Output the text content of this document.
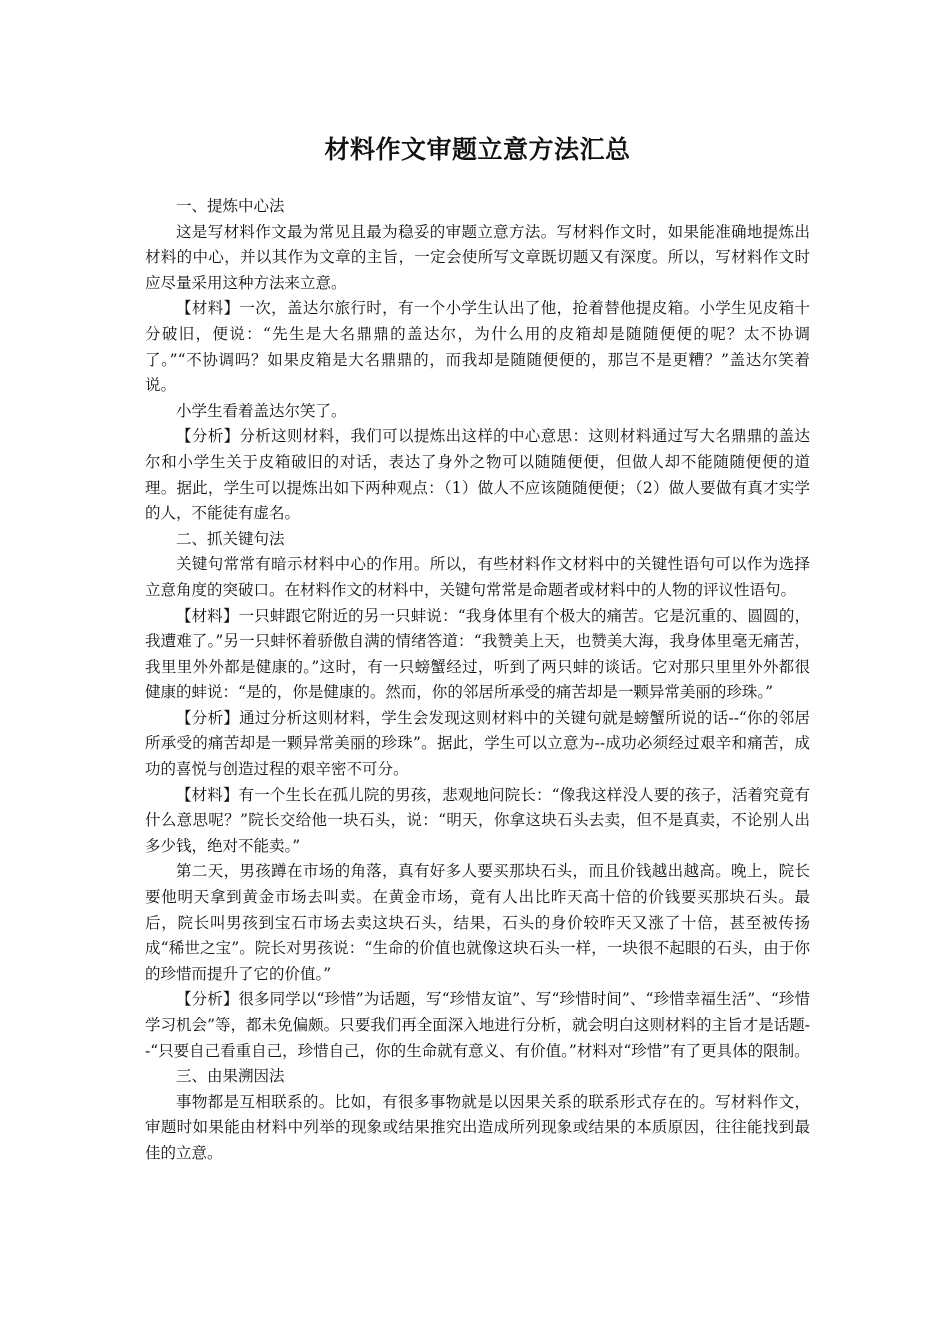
材料作文审题立意方法汇总

一、提炼中心法

这是写材料作文最为常见且最为稳妥的审题立意方法。写材料作文时，如果能准确地提炼出材料的中心，并以其作为文章的主旨，一定会使所写文章既切题又有深度。所以，写材料作文时应尽量采用这种方法来立意。

【材料】一次，盖达尔旅行时，有一个小学生认出了他，抢着替他提皮箱。小学生见皮箱十分破旧，便说：“先生是大名鼎鼎的盖达尔，为什么用的皮箱却是随随便便的呢？太不协调了。”“不协调吗？如果皮箱是大名鼎鼎的，而我却是随随便便的，那岂不是更糟？”盖达尔笑着说。

小学生看着盖达尔笑了。

【分析】分析这则材料，我们可以提炼出这样的中心意思：这则材料通过写大名鼎鼎的盖达尔和小学生关于皮箱破旧的对话，表达了身外之物可以随随便便，但做人却不能随随便便的道理。据此，学生可以提炼出如下两种观点：（1）做人不应该随随便便；（2）做人要做有真才实学的人，不能徒有虚名。

二、抓关键句法

关键句常常有暗示材料中心的作用。所以，有些材料作文材料中的关键性语句可以作为选择立意角度的突破口。在材料作文的材料中，关键句常常是命题者或材料中的人物的评议性语句。

【材料】一只蚌跟它附近的另一只蚌说：“我身体里有个极大的痛苦。它是沉重的、圆圆的，我遭难了。”另一只蚌怀着骄傲自满的情绪答道：“我赞美上天，也赞美大海，我身体里毫无痛苦，我里里外外都是健康的。”这时，有一只螃蟹经过，听到了两只蚌的谈话。它对那只里里外外都很健康的蚌说：“是的，你是健康的。然而，你的邻居所承受的痛苦却是一颗异常美丽的珍珠。”

【分析】通过分析这则材料，学生会发现这则材料中的关键句就是螃蟹所说的话--“你的邻居所承受的痛苦却是一颗异常美丽的珍珠”。据此，学生可以立意为--成功必须经过艰辛和痛苦，成功的喜悦与创造过程的艰辛密不可分。

【材料】有一个生长在孤儿院的男孩，悲观地问院长：“像我这样没人要的孩子，活着究竟有什么意思呢？”院长交给他一块石头，说：“明天，你拿这块石头去卖，但不是真卖，不论别人出多少钱，绝对不能卖。”

第二天，男孩蹲在市场的角落，真有好多人要买那块石头，而且价钱越出越高。晚上，院长要他明天拿到黄金市场去叫卖。在黄金市场，竟有人出比昨天高十倍的价钱要买那块石头。最后，院长叫男孩到宝石市场去卖这块石头，结果，石头的身价较昨天又涨了十倍，甚至被传扬成“稀世之宝”。院长对男孩说：“生命的价值也就像这块石头一样，一块很不起眼的石头，由于你的珍惜而提升了它的价值。”

【分析】很多同学以“珍惜”为话题，写“珍惜友谊”、写“珍惜时间”、“珍惜幸福生活”、“珍惜学习机会”等，都未免偏颇。只要我们再全面深入地进行分析，就会明白这则材料的主旨才是话题--“只要自己看重自己，珍惜自己，你的生命就有意义、有价值。”材料对“珍惜”有了更具体的限制。

三、由果溯因法

事物都是互相联系的。比如，有很多事物就是以因果关系的联系形式存在的。写材料作文，审题时如果能由材料中列举的现象或结果推究出造成所列现象或结果的本质原因，往往能找到最佳的立意。
